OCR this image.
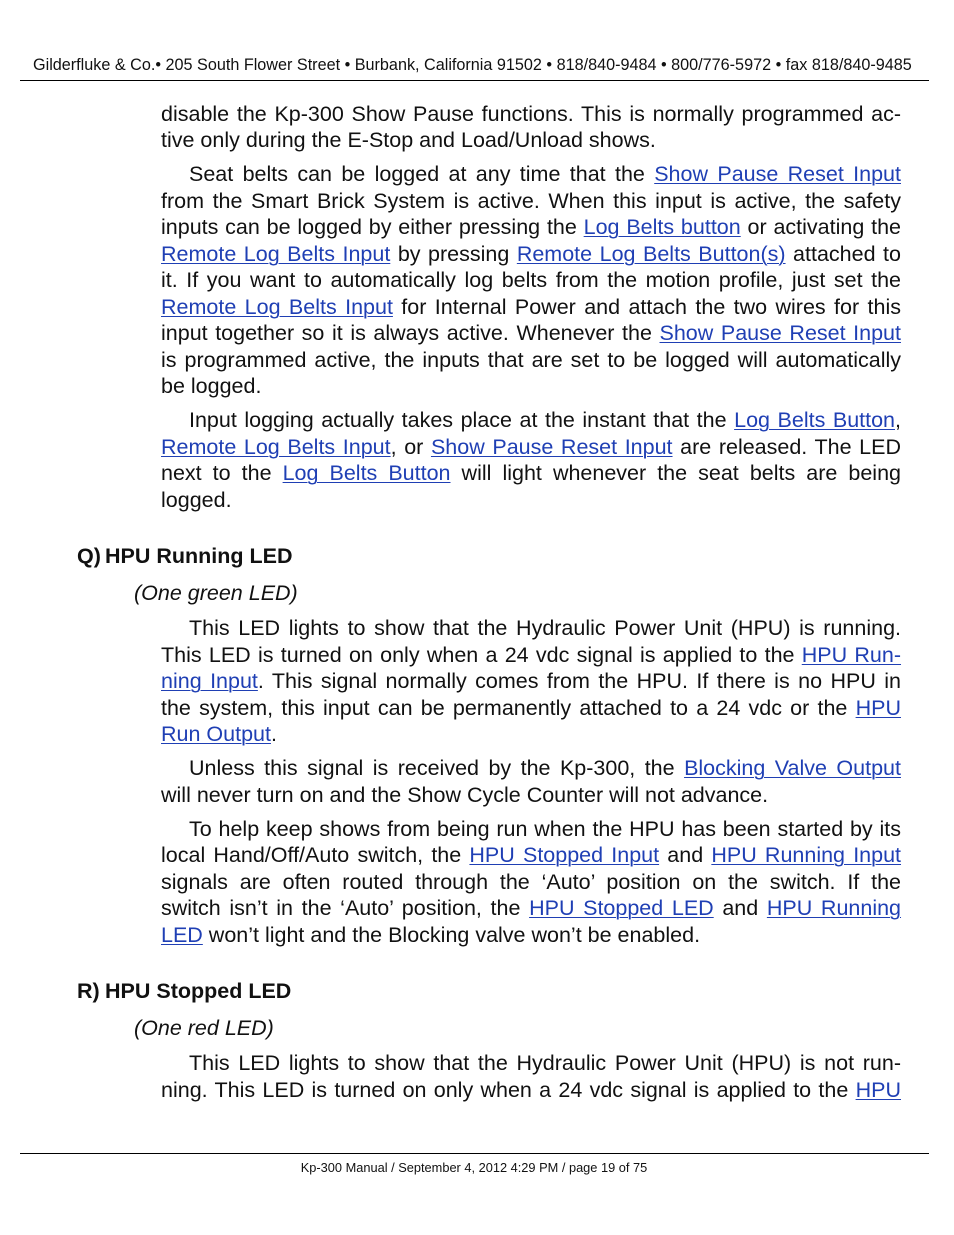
Gilderfluke & Co.• 205 South Flower Street • Burbank, California 91502 • 818/840-9484 • 800/776-5972 • fax 818/840-9485
disable the Kp-300 Show Pause functions. This is normally programmed ac-
tive only during the E-Stop and Load/Unload shows.
Seat belts can be logged at any time that the Show Pause Reset Input
from the Smart Brick System is active. When this input is active, the safety
inputs can be logged by either pressing the Log Belts button or activating the
Remote Log Belts Input by pressing Remote Log Belts Button(s) attached to
it. If you want to automatically log belts from the motion profile, just set the
Remote Log Belts Input for Internal Power and attach the two wires for this
input together so it is always active. Whenever the Show Pause Reset Input
is programmed active, the inputs that are set to be logged will automatically
be logged.
Input logging actually takes place at the instant that the Log Belts Button,
Remote Log Belts Input, or Show Pause Reset Input are released. The LED
next to the Log Belts Button will light whenever the seat belts are being
logged.
Q) HPU Running LED
(One green LED)
This LED lights to show that the Hydraulic Power Unit (HPU) is running.
This LED is turned on only when a 24 vdc signal is applied to the HPU Run-
ning Input. This signal normally comes from the HPU. If there is no HPU in
the system, this input can be permanently attached to a 24 vdc or the HPU
Run Output.
Unless this signal is received by the Kp-300, the Blocking Valve Output
will never turn on and the Show Cycle Counter will not advance.
To help keep shows from being run when the HPU has been started by its
local Hand/Off/Auto switch, the HPU Stopped Input and HPU Running Input
signals are often routed through the ‘Auto’ position on the switch. If the
switch isn’t in the ‘Auto’ position, the HPU Stopped LED and HPU Running
LED won’t light and the Blocking valve won’t be enabled.
R) HPU Stopped LED
(One red LED)
This LED lights to show that the Hydraulic Power Unit (HPU) is not run-
ning. This LED is turned on only when a 24 vdc signal is applied to the HPU
Kp-300 Manual / September 4, 2012 4:29 PM / page 19 of 75
